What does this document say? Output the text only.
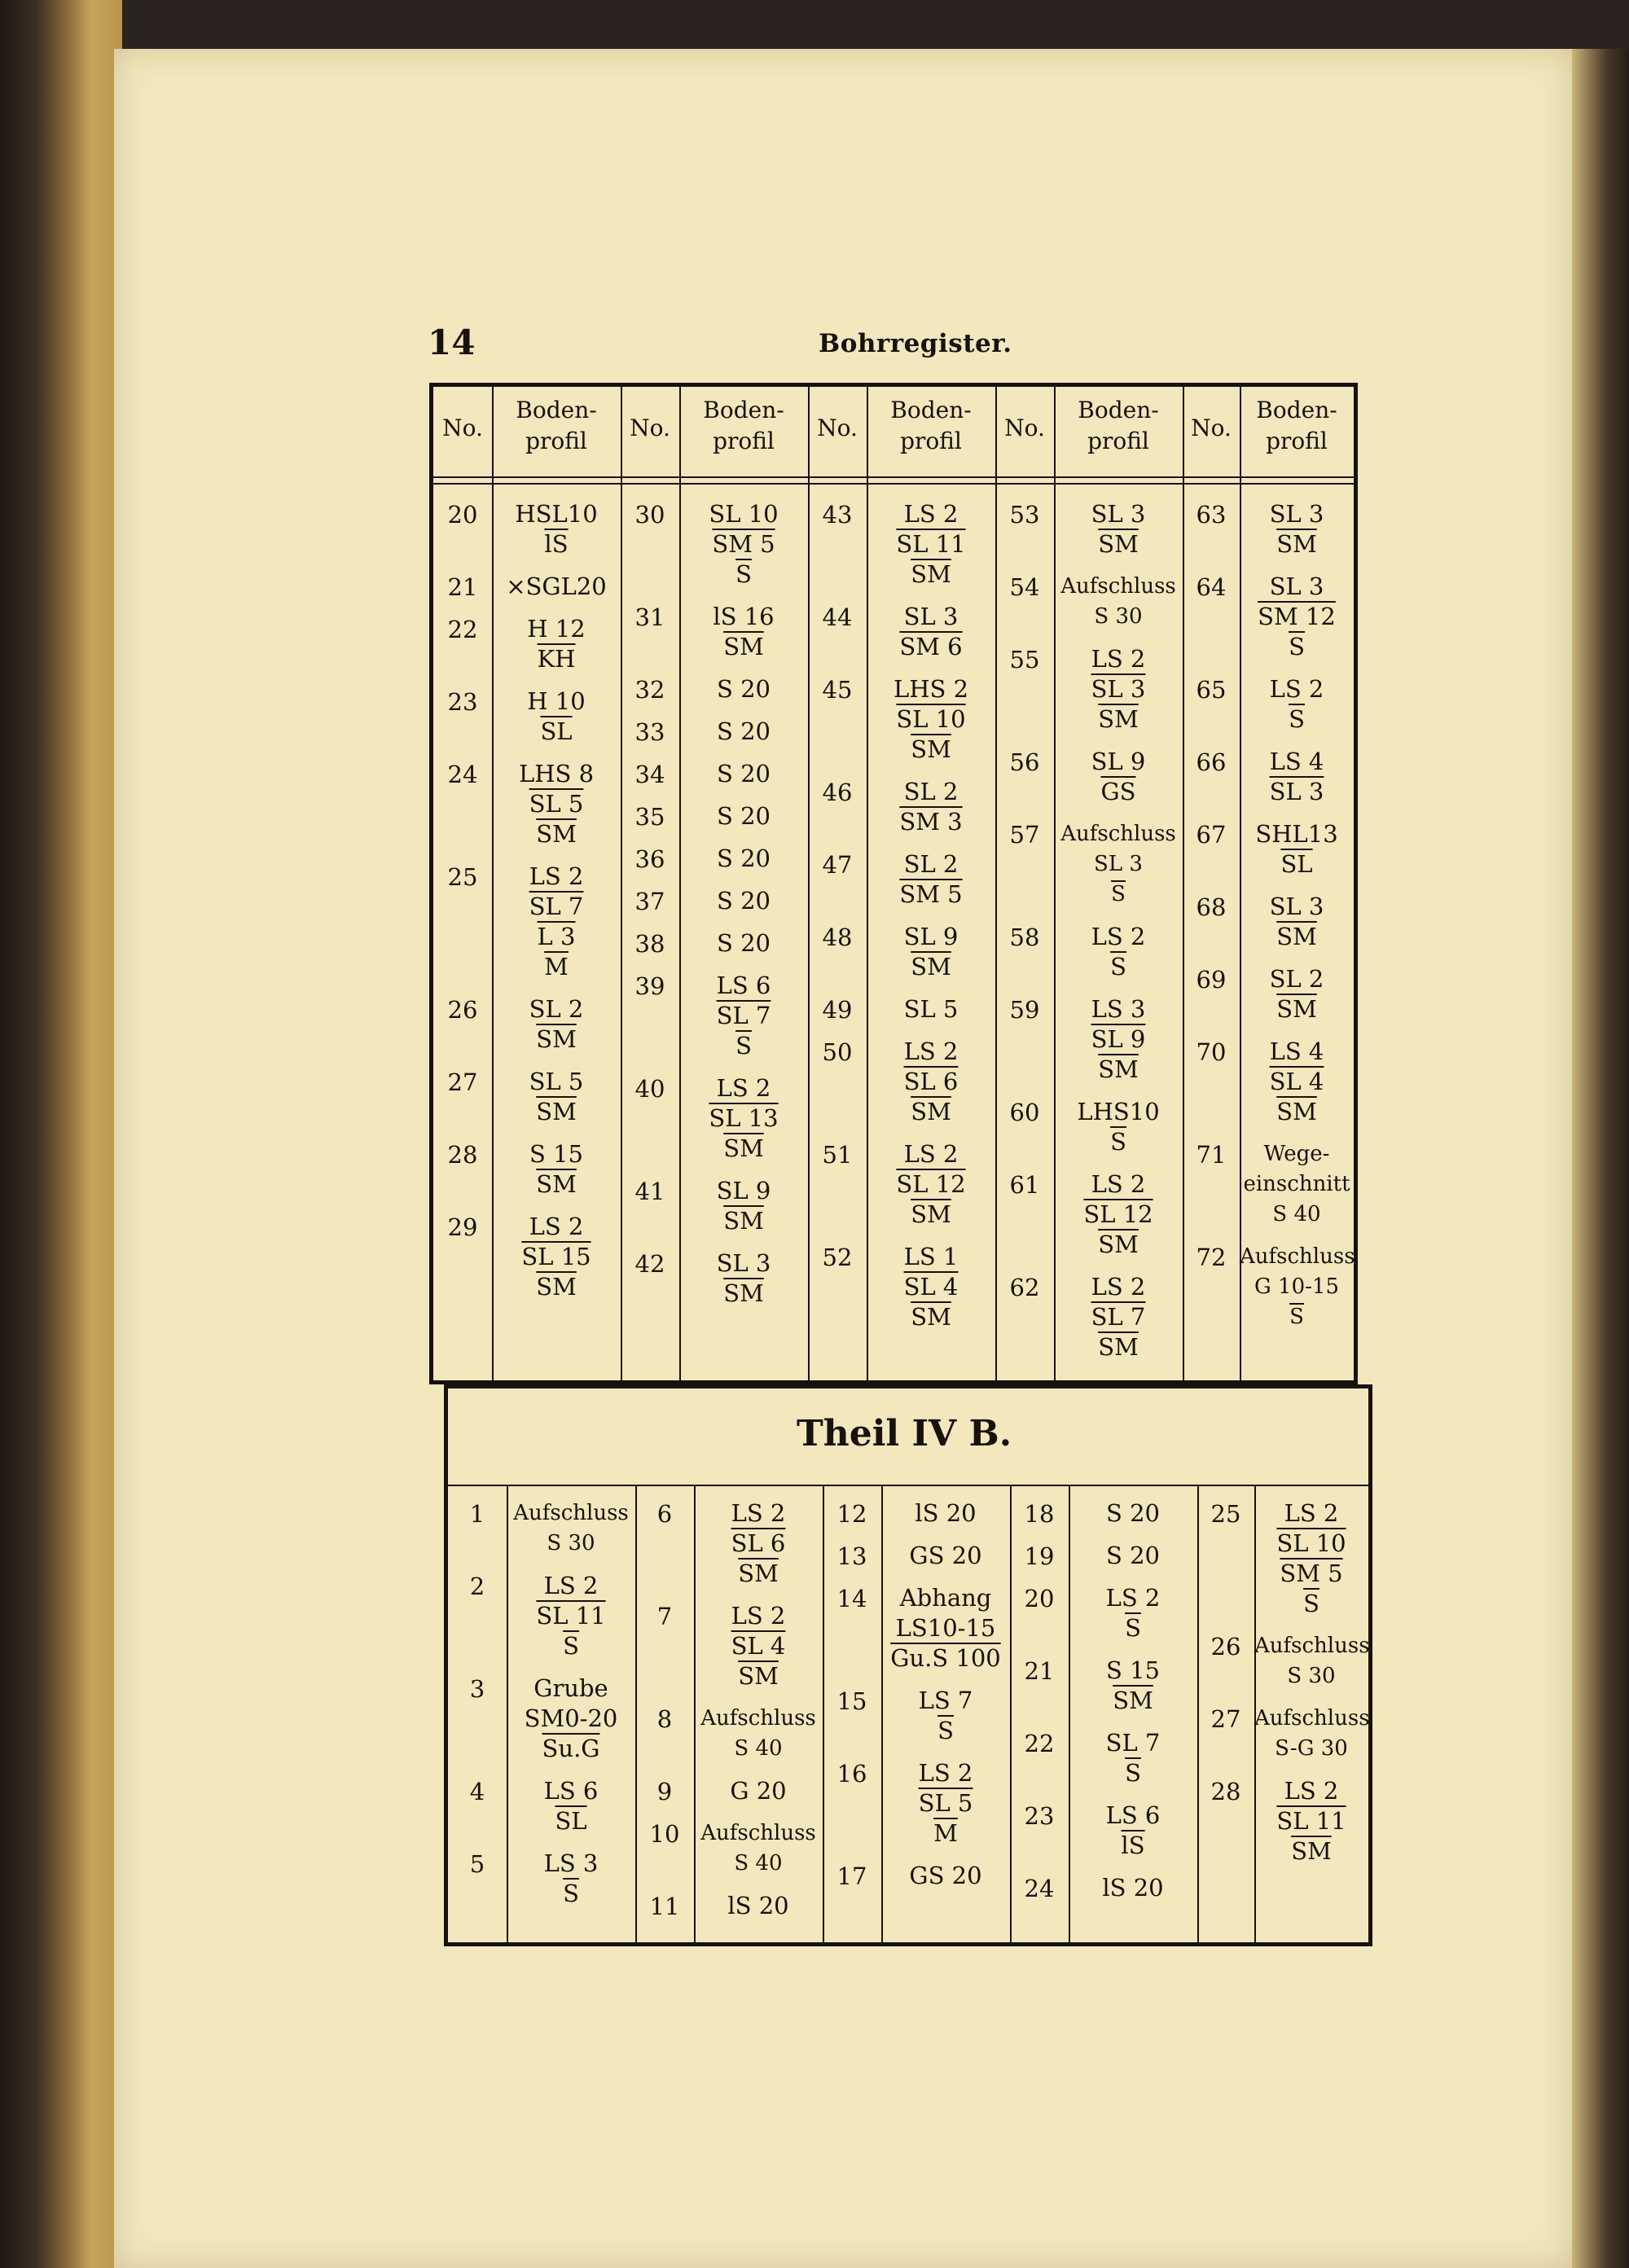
14	Bohrregister.
No.
Boden-
profil	No.
Boden-
profil	No.
Boden-
profil	No.
Boden-
profil	No.
Boden-
profil
20	HSL10
$\overline{lS}$
21	×SGL20
22	H 12
$\overline{KH}$
23	H 10
$\overline{SL}$
24	LHS 8
SL 5
$\overline{SM}$
25	LS 2
SL 7
L 3
$\overline{M}$
26	SL 2
$\overline{SM}$
27	SL 5
$\overline{SM}$
28	S 15
$\overline{SM}$
29	LS 2
SL 15
$\overline{SM}$
30	SL 10
SM 5
$\overline{S}$
31	lS 16
$\overline{SM}$
32	S 20
33	S 20
34	S 20
35	S 20
36	S 20
37	S 20
38	S 20
39	LS 6
SL 7
$\overline{S}$
40	LS 2
SL 13
$\overline{SM}$
41	SL 9
$\overline{SM}$
42	SL 3
$\overline{SM}$
43	LS 2
SL 11
$\overline{SM}$
44	SL 3
SM 6
45	LHS 2
SL 10
$\overline{SM}$
46	SL 2
SM 3
47	SL 2
SM 5
48	SL 9
$\overline{SM}$
49	SL 5
50	LS 2
SL 6
$\overline{SM}$
51	LS 2
SL 12
$\overline{SM}$
52	LS 1
SL 4
$\overline{SM}$
53	SL 3
$\overline{SM}$
54 Aufschluss
S 30
55	LS 2
SL 3
$\overline{SM}$
56	SL 9
$\overline{GS}$
57 Aufschluss
SL 3
$\overline{S}$
58	LS 2
$\overline{S}$
59	LS 3
SL 9
$\overline{SM}$
60	LHS10
$\overline{S}$
61	LS 2
SL 12
$\overline{SM}$
62	LS 2
SL 7
$\overline{SM}$
63	SL 3
$\overline{SM}$
64	SL 3
SM 12
$\overline{S}$
65	LS 2
$\overline{S}$
66	LS 4
SL 3
67	SHL13
$\overline{SL}$
68	SL 3
$\overline{SM}$
69	SL 2
$\overline{SM}$
70	LS 4
SL 4
$\overline{SM}$
71	Wege-
einschnitt
S 40
72 Aufschluss
G 10-15
$\overline{S}$
1	Aufschluss
S 30
2	LS 2
SL 11
$\overline{S}$
3	Grube
SM0-20
Su.G
4	LS 6
$\overline{SL}$
5	LS 3
$\overline{S}$
6	LS 2
SL 6
$\overline{SM}$
7	LS 2
SL 4
$\overline{SM}$
8	Aufschluss
S 40
9	G 20
10 Aufschluss
S 40
11	lS 20
12	lS 20
13	GS 20
14	Abhang
LS10-15
Gu.S 100
15	LS 7
$\overline{S}$
16	LS 2
SL 5
$\overline{M}$
17	GS 20
18	S 20
19	S 20
20	LS 2
$\overline{S}$
21	S 15
$\overline{SM}$
22	SL 7
$\overline{S}$
23	LS 6
$\overline{lS}$
24	lS 20
25	LS 2
SL 10
SM 5
$\overline{S}$
26 Aufschluss
S 30
27 Aufschluss
S-G 30
28	LS 2
SL 11
$\overline{SM}$
Theil IV B.
